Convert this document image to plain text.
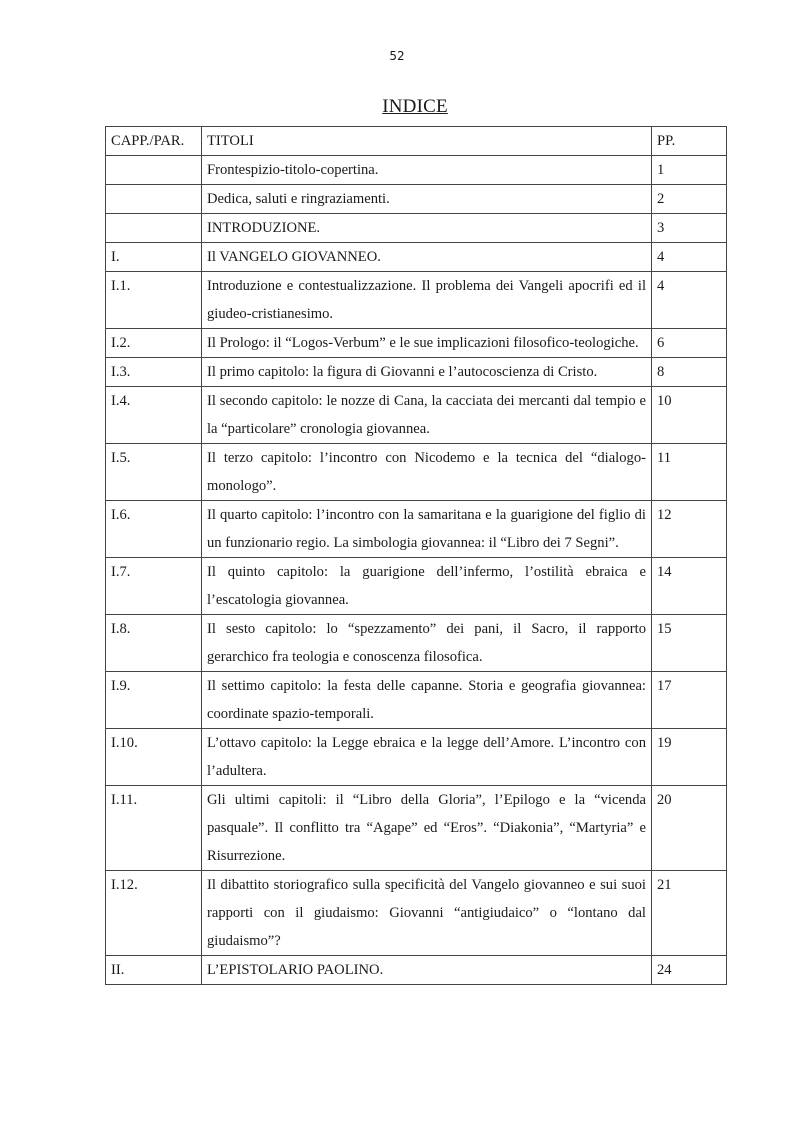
52
INDICE
CAPP./PAR.	TITOLI	PP.
	Frontespizio-titolo-copertina.	1
	Dedica, saluti e ringraziamenti.	2
	INTRODUZIONE.	3
I.	Il VANGELO GIOVANNEO.	4
I.1.	Introduzione e contestualizzazione. Il problema dei Vangeli apocrifi ed il giudeo-cristianesimo.	4
I.2.	Il Prologo: il “Logos-Verbum” e le sue implicazioni filosofico-teologiche.	6
I.3.	Il primo capitolo: la figura di Giovanni e l’autocoscienza di Cristo.	8
I.4.	Il secondo capitolo: le nozze di Cana, la cacciata dei mercanti dal tempio e la “particolare” cronologia giovannea.	10
I.5.	Il terzo capitolo: l’incontro con Nicodemo e la tecnica del “dialogo-monologo”.	11
I.6.	Il quarto capitolo: l’incontro con la samaritana e la guarigione del figlio di un funzionario regio. La simbologia giovannea: il “Libro dei 7 Segni”.	12
I.7.	Il quinto capitolo: la guarigione dell’infermo, l’ostilità ebraica e l’escatologia giovannea.	14
I.8.	Il sesto capitolo: lo “spezzamento” dei pani, il Sacro, il rapporto gerarchico fra teologia e conoscenza filosofica.	15
I.9.	Il settimo capitolo: la festa delle capanne. Storia e geografia giovannea: coordinate spazio-temporali.	17
I.10.	L’ottavo capitolo: la Legge ebraica e la legge dell’Amore. L’incontro con l’adultera.	19
I.11.	Gli ultimi capitoli: il “Libro della Gloria”, l’Epilogo e la “vicenda pasquale”. Il conflitto tra “Agape” ed “Eros”. “Diakonia”, “Martyria” e Risurrezione.	20
I.12.	Il dibattito storiografico sulla specificità del Vangelo giovanneo e sui suoi rapporti con il giudaismo: Giovanni “antigiudaico” o “lontano dal giudaismo”?	21
II.	L’EPISTOLARIO PAOLINO.	24
